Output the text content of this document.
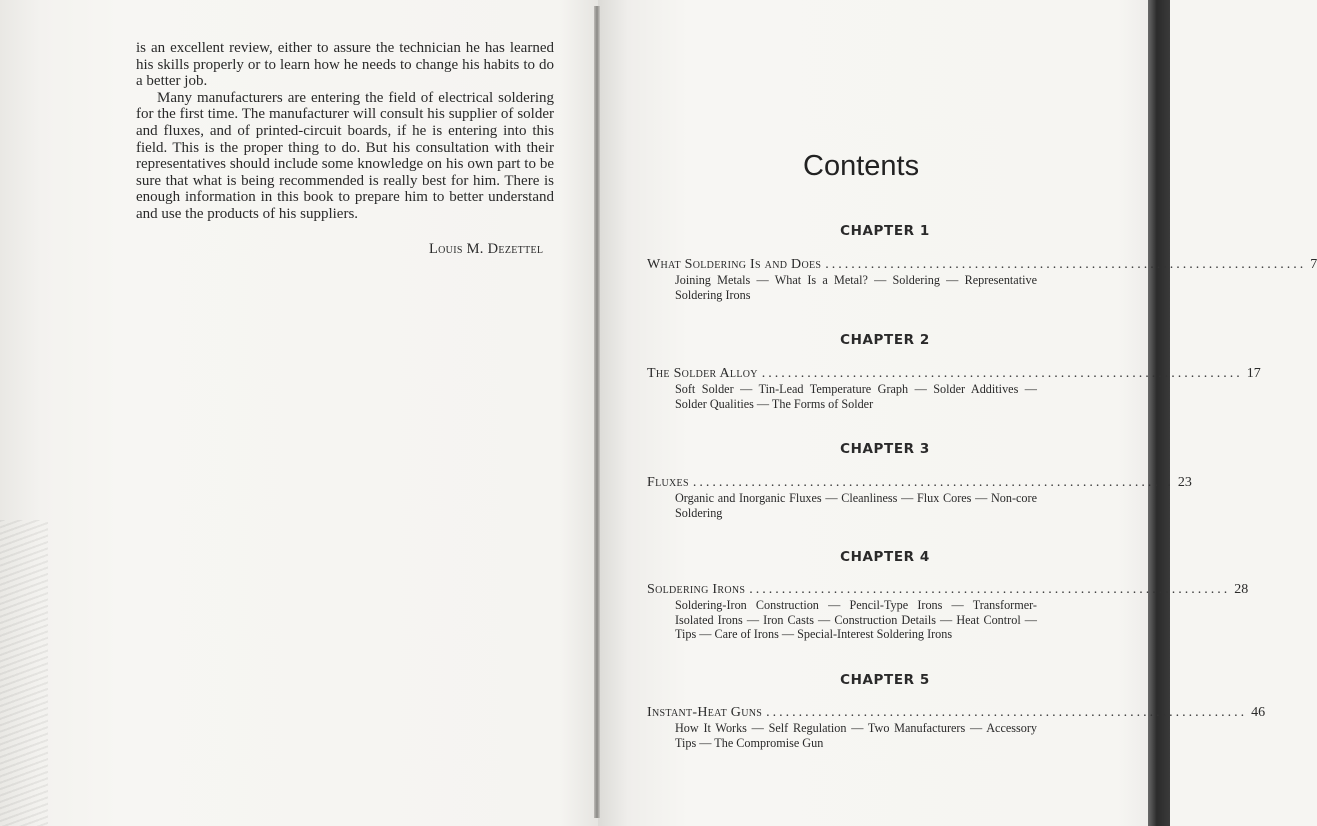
is an excellent review, either to assure the technician he has learned his skills properly or to learn how he needs to change his habits to do a better job.

Many manufacturers are entering the field of electrical soldering for the first time. The manufacturer will consult his supplier of solder and fluxes, and of printed-circuit boards, if he is entering into this field. This is the proper thing to do. But his consultation with their representatives should include some knowledge on his own part to be sure that what is being recommended is really best for him. There is enough information in this book to prepare him to better understand and use the products of his suppliers.

Louis M. Dezettel
Contents
CHAPTER 1
What Soldering Is and Does .......................................................................... 7
Joining Metals — What Is a Metal? — Soldering — Representative Soldering Irons
CHAPTER 2
The Solder Alloy .......................................................................... 17
Soft Solder — Tin-Lead Temperature Graph — Solder Additives — Solder Qualities — The Forms of Solder
CHAPTER 3
Fluxes .......................................................................... 23
Organic and Inorganic Fluxes — Cleanliness — Flux Cores — Non-core Soldering
CHAPTER 4
Soldering Irons .......................................................................... 28
Soldering-Iron Construction — Pencil-Type Irons — Transformer-Isolated Irons — Iron Casts — Construction Details — Heat Control — Tips — Care of Irons — Special-Interest Soldering Irons
CHAPTER 5
Instant-Heat Guns .......................................................................... 46
How It Works — Self Regulation — Two Manufacturers — Accessory Tips — The Compromise Gun
